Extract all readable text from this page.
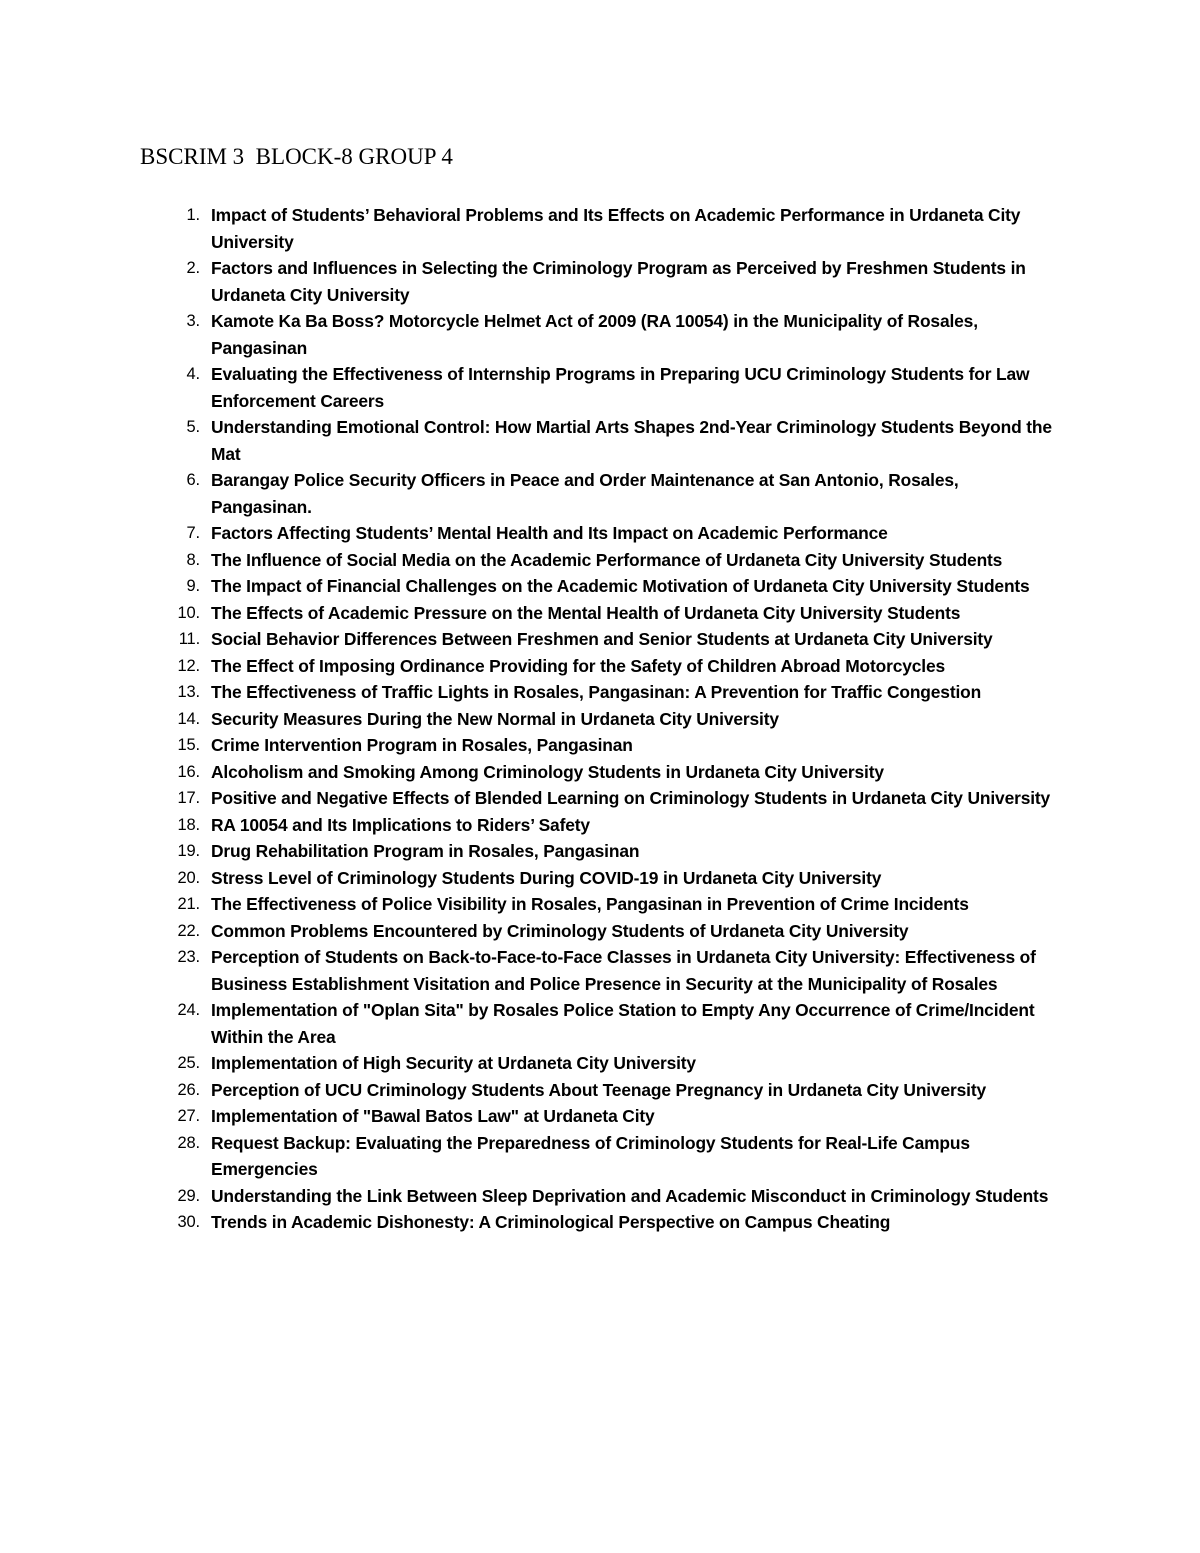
BSCRIM 3  BLOCK-8 GROUP 4
1. Impact of Students’ Behavioral Problems and Its Effects on Academic Performance in Urdaneta City University
2. Factors and Influences in Selecting the Criminology Program as Perceived by Freshmen Students in Urdaneta City University
3. Kamote Ka Ba Boss? Motorcycle Helmet Act of 2009 (RA 10054) in the Municipality of Rosales, Pangasinan
4. Evaluating the Effectiveness of Internship Programs in Preparing UCU Criminology Students for Law Enforcement Careers
5. Understanding Emotional Control: How Martial Arts Shapes 2nd-Year Criminology Students Beyond the Mat
6. Barangay Police Security Officers in Peace and Order Maintenance at San Antonio, Rosales, Pangasinan.
7. Factors Affecting Students’ Mental Health and Its Impact on Academic Performance
8. The Influence of Social Media on the Academic Performance of Urdaneta City University Students
9. The Impact of Financial Challenges on the Academic Motivation of Urdaneta City University Students
10. The Effects of Academic Pressure on the Mental Health of Urdaneta City University Students
11. Social Behavior Differences Between Freshmen and Senior Students at Urdaneta City University
12. The Effect of Imposing Ordinance Providing for the Safety of Children Abroad Motorcycles
13. The Effectiveness of Traffic Lights in Rosales, Pangasinan: A Prevention for Traffic Congestion
14. Security Measures During the New Normal in Urdaneta City University
15. Crime Intervention Program in Rosales, Pangasinan
16. Alcoholism and Smoking Among Criminology Students in Urdaneta City University
17. Positive and Negative Effects of Blended Learning on Criminology Students in Urdaneta City University
18. RA 10054 and Its Implications to Riders’ Safety
19. Drug Rehabilitation Program in Rosales, Pangasinan
20. Stress Level of Criminology Students During COVID-19 in Urdaneta City University
21. The Effectiveness of Police Visibility in Rosales, Pangasinan in Prevention of Crime Incidents
22. Common Problems Encountered by Criminology Students of Urdaneta City University
23. Perception of Students on Back-to-Face-to-Face Classes in Urdaneta City University: Effectiveness of Business Establishment Visitation and Police Presence in Security at the Municipality of Rosales
24. Implementation of "Oplan Sita" by Rosales Police Station to Empty Any Occurrence of Crime/Incident Within the Area
25. Implementation of High Security at Urdaneta City University
26. Perception of UCU Criminology Students About Teenage Pregnancy in Urdaneta City University
27. Implementation of "Bawal Batos Law" at Urdaneta City
28. Request Backup: Evaluating the Preparedness of Criminology Students for Real-Life Campus Emergencies
29. Understanding the Link Between Sleep Deprivation and Academic Misconduct in Criminology Students
30. Trends in Academic Dishonesty: A Criminological Perspective on Campus Cheating
